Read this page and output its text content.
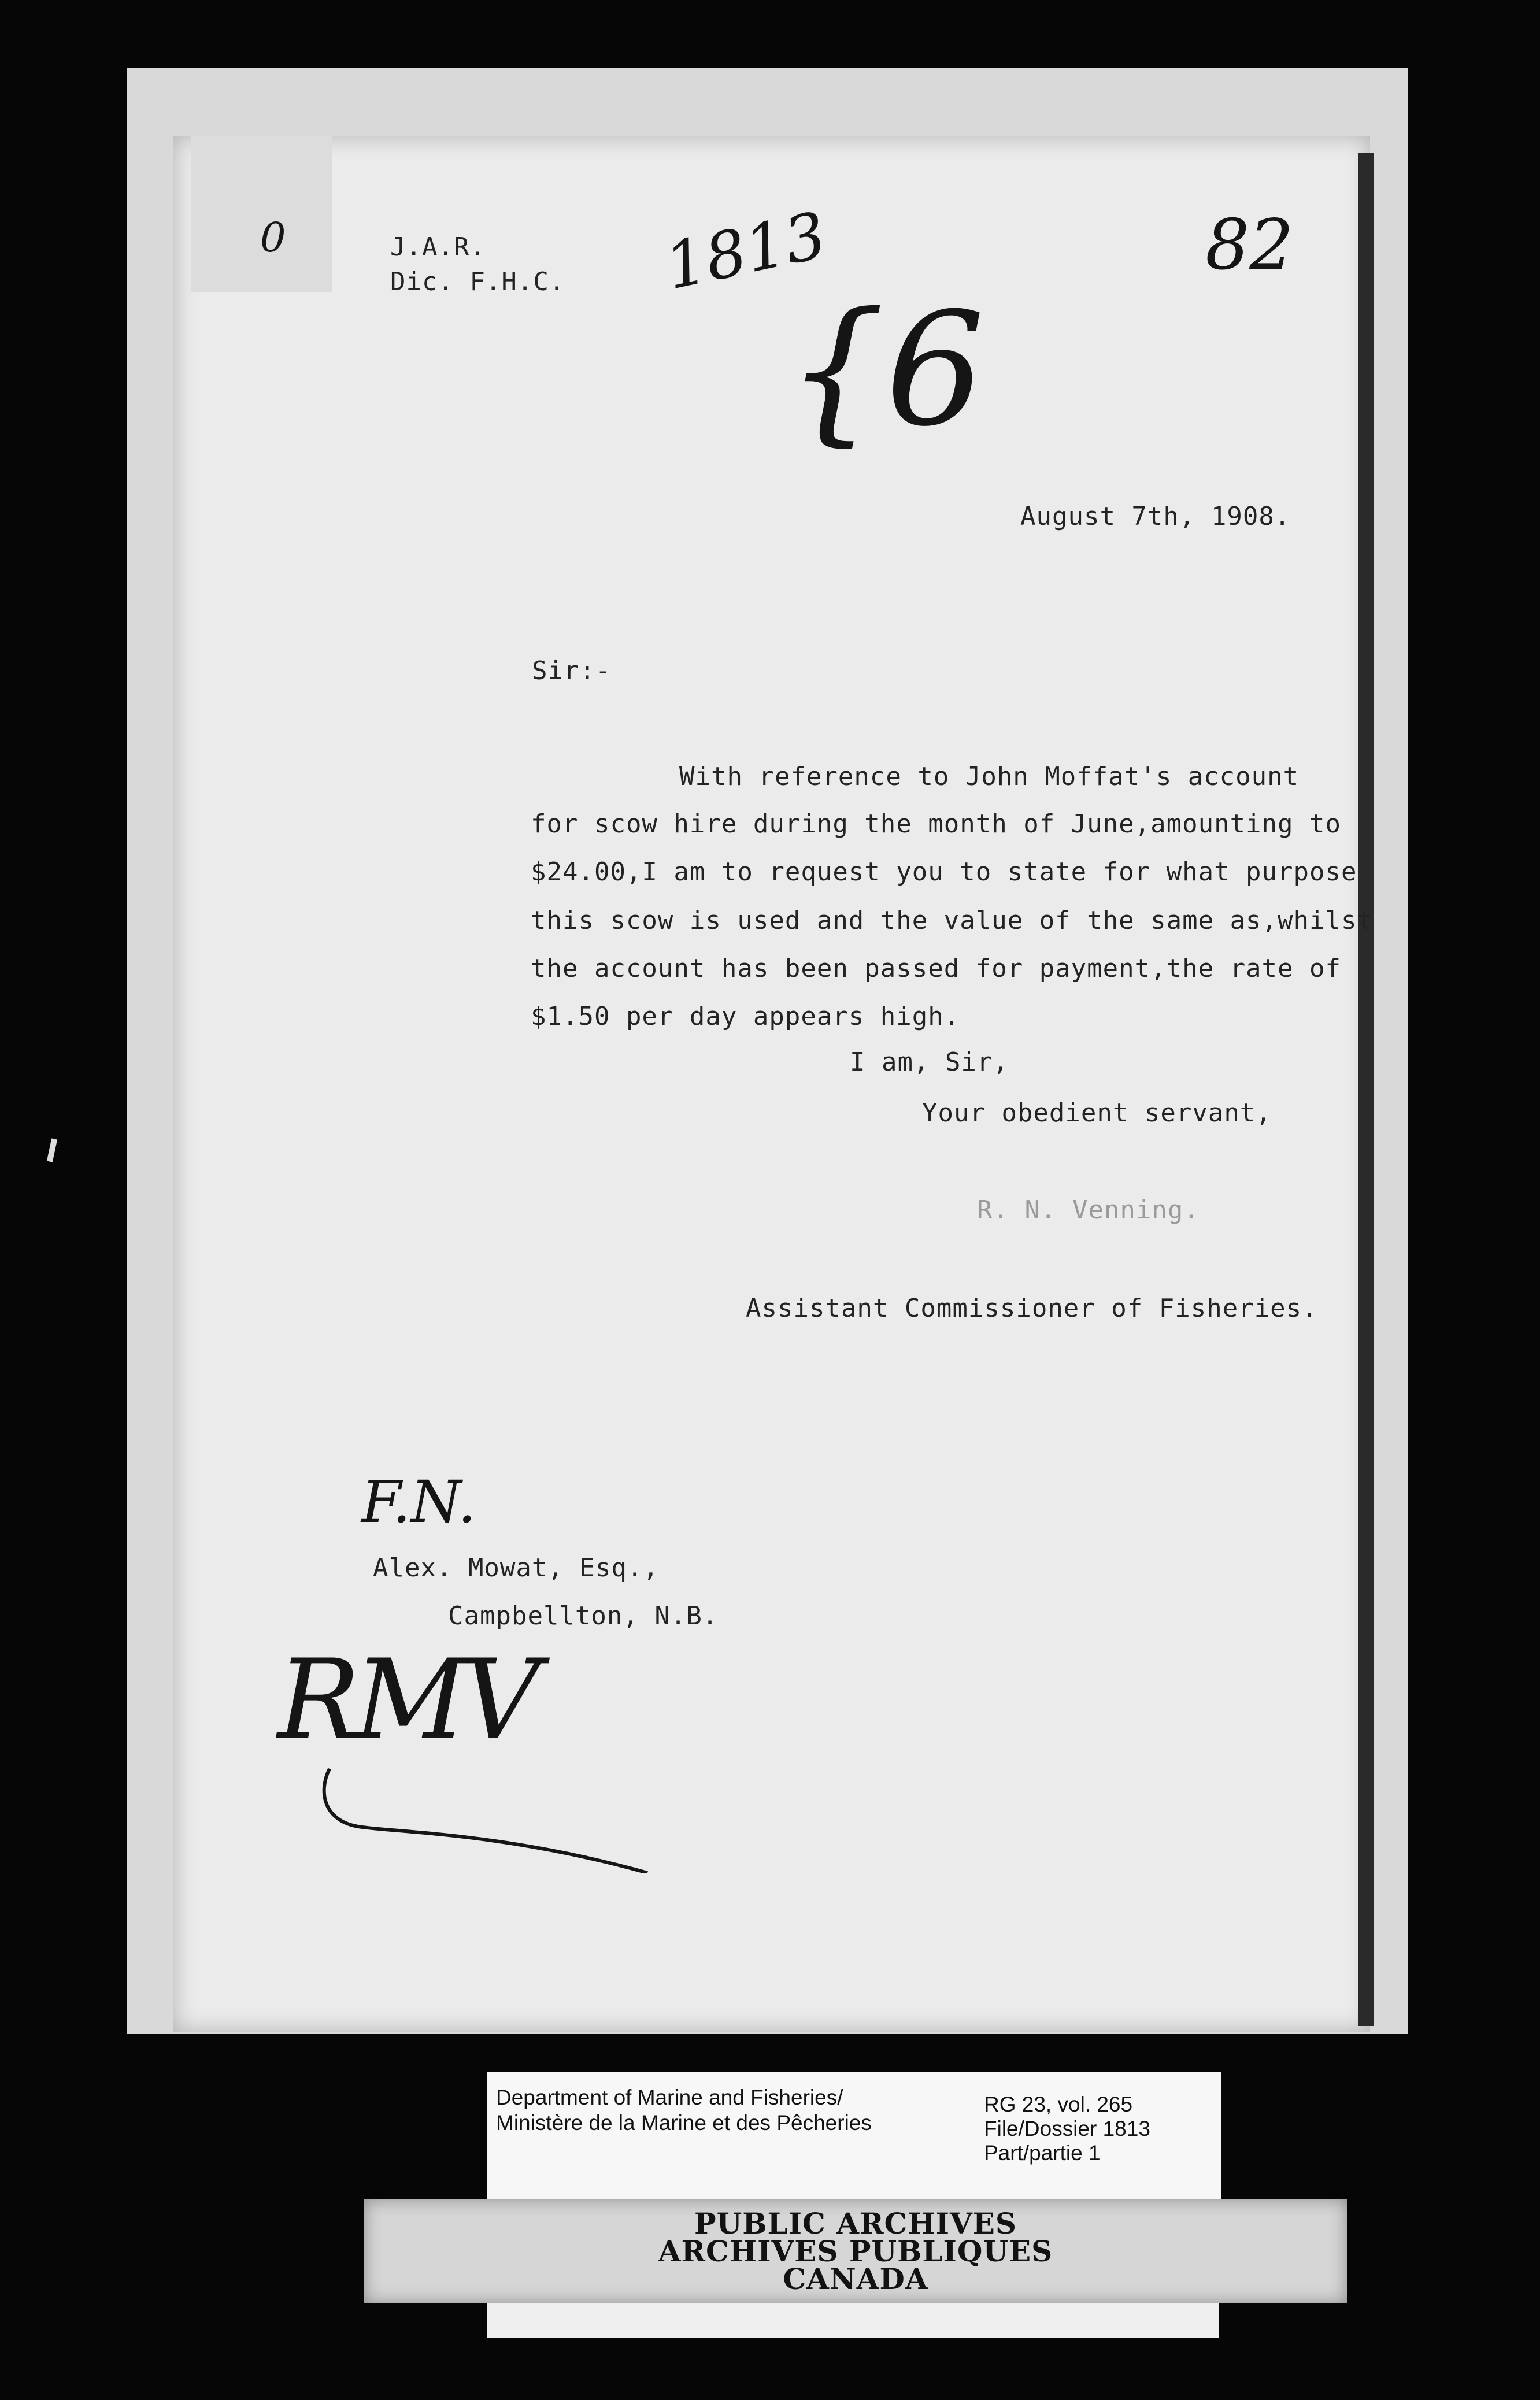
0	J.A.R.
Dic. F.H.C. 1813	82
{6
August 7th, 1908.
Sir:-
With reference to John Moffat's account
for scow hire during the month of June,amounting to
$24.00,I am to request you to state for what purpose
this scow is used and the value of the same as,whilst
the account has been passed for payment,the rate of
$1.50 per day appears high.
I am, Sir,
Your obedient servant,
R. N. Venning.
Assistant Commissioner of Fisheries.
F.N.
Alex. Mowat, Esq.,
Campbellton, N.B.
RMV
Department of Marine and Fisheries/
Ministère de la Marine et des Pêcheries
RG 23, vol. 265
File/Dossier 1813
Part/partie 1
PUBLIC ARCHIVES
ARCHIVES PUBLIQUES
CANADA
